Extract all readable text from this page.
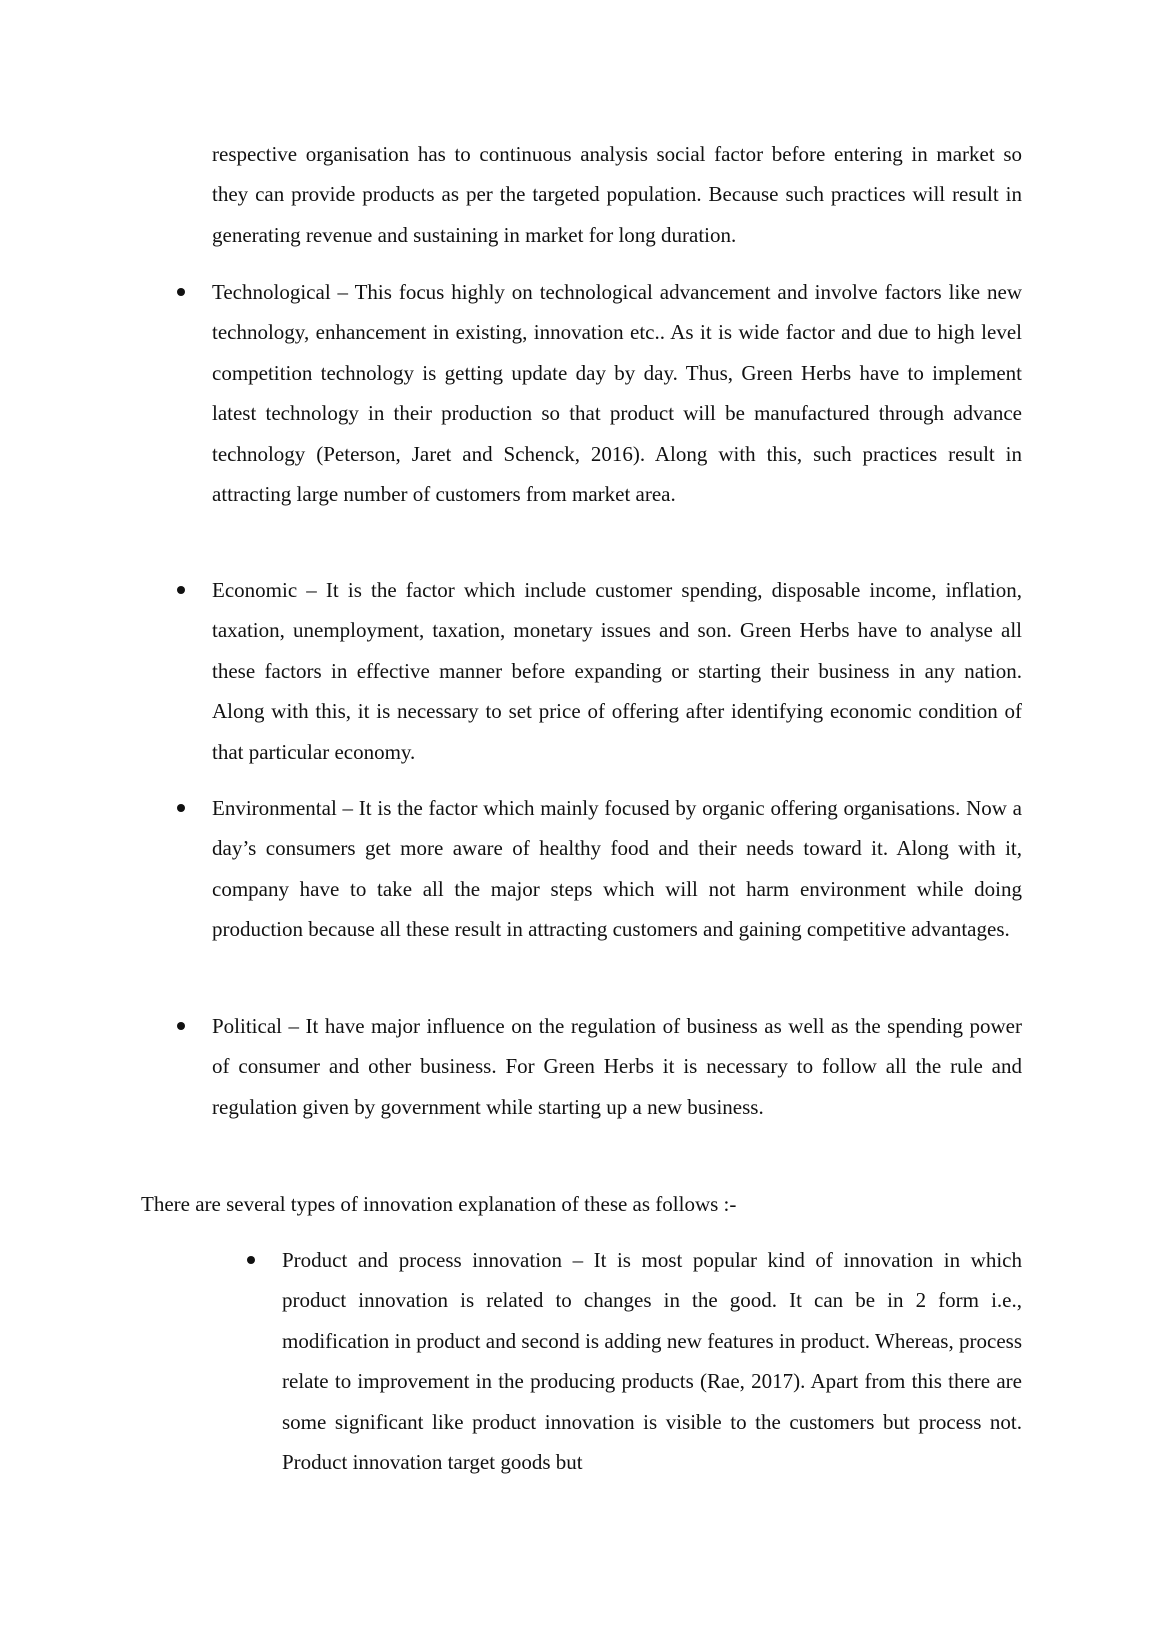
respective organisation has to continuous analysis social factor before entering in market so they can provide products as per the targeted population. Because such practices will result in generating revenue and sustaining in market for long duration.

Technological – This focus highly on technological advancement and involve factors like new technology, enhancement in existing, innovation etc.. As it is wide factor and due to high level competition technology is getting update day by day. Thus, Green Herbs have to implement latest technology in their production so that product will be manufactured through advance technology (Peterson, Jaret and Schenck, 2016). Along with this, such practices result in attracting large number of customers from market area.

Economic – It is the factor which include customer spending, disposable income, inflation, taxation, unemployment, taxation, monetary issues and son. Green Herbs have to analyse all these factors in effective manner before expanding or starting their business in any nation. Along with this, it is necessary to set price of offering after identifying economic condition of that particular economy.

Environmental – It is the factor which mainly focused by organic offering organisations. Now a day’s consumers get more aware of healthy food and their needs toward it. Along with it, company have to take all the major steps which will not harm environment while doing production because all these result in attracting customers and gaining competitive advantages.

Political – It have major influence on the regulation of business as well as the spending power of consumer and other business. For Green Herbs it is necessary to follow all the rule and regulation given by government while starting up a new business.

There are several types of innovation explanation of these as follows :-

Product and process innovation – It is most popular kind of innovation in which product innovation is related to changes in the good. It can be in 2 form i.e., modification in product and second is adding new features in product. Whereas, process relate to improvement in the producing products (Rae, 2017). Apart from this there are some significant like product innovation is visible to the customers but process not. Product innovation target goods but
